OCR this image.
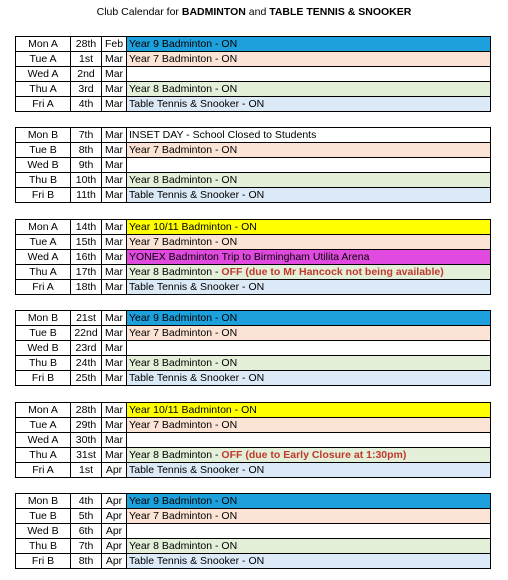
Club Calendar for BADMINTON and TABLE TENNIS & SNOOKER
Mon A	28th	Feb	Year 9 Badminton - ON
Tue A	1st	Mar	Year 7 Badminton - ON
Wed A	2nd	Mar	
Thu A	3rd	Mar	Year 8 Badminton - ON
Fri A	4th	Mar	Table Tennis & Snooker - ON
Mon B	7th	Mar	INSET DAY - School Closed to Students
Tue B	8th	Mar	Year 7 Badminton - ON
Wed B	9th	Mar	
Thu B	10th	Mar	Year 8 Badminton - ON
Fri B	11th	Mar	Table Tennis & Snooker - ON
Mon A	14th	Mar	Year 10/11 Badminton - ON
Tue A	15th	Mar	Year 7 Badminton - ON
Wed A	16th	Mar	YONEX Badminton Trip to Birmingham Utilita Arena
Thu A	17th	Mar	Year 8 Badminton - OFF (due to Mr Hancock not being available)
Fri A	18th	Mar	Table Tennis & Snooker - ON
Mon B	21st	Mar	Year 9 Badminton - ON
Tue B	22nd	Mar	Year 7 Badminton - ON
Wed B	23rd	Mar	
Thu B	24th	Mar	Year 8 Badminton - ON
Fri B	25th	Mar	Table Tennis & Snooker - ON
Mon A	28th	Mar	Year 10/11 Badminton - ON
Tue A	29th	Mar	Year 7 Badminton - ON
Wed A	30th	Mar	
Thu A	31st	Mar	Year 8 Badminton - OFF (due to Early Closure at 1:30pm)
Fri A	1st	Apr	Table Tennis & Snooker - ON
Mon B	4th	Apr	Year 9 Badminton - ON
Tue B	5th	Apr	Year 7 Badminton - ON
Wed B	6th	Apr	
Thu B	7th	Apr	Year 8 Badminton - ON
Fri B	8th	Apr	Table Tennis & Snooker - ON
